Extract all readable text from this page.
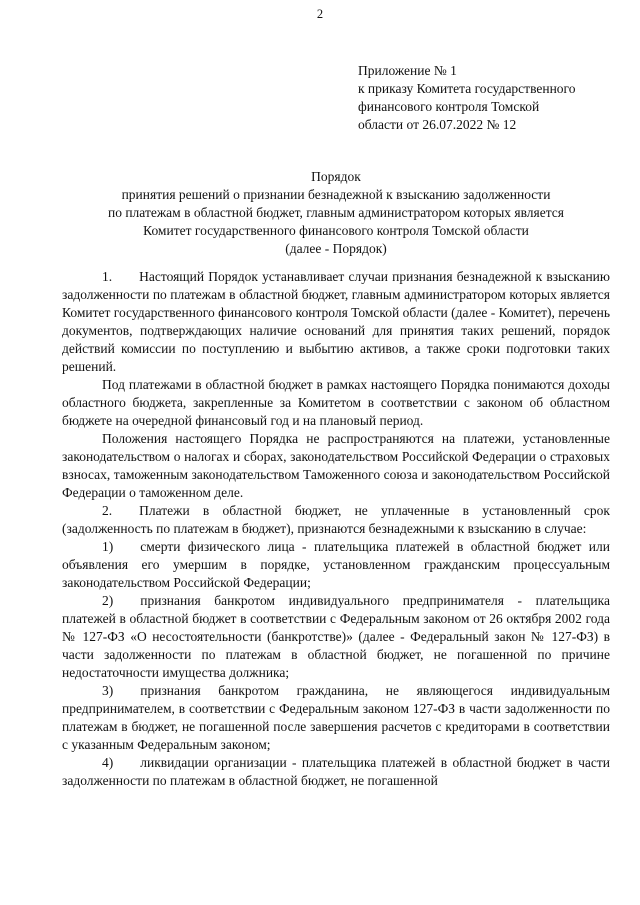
2
Приложение № 1
к приказу Комитета государственного
финансового контроля Томской
области от 26.07.2022 № 12
Порядок
принятия решений о признании безнадежной к взысканию задолженности
по платежам в областной бюджет, главным администратором которых является
Комитет государственного финансового контроля Томской области
(далее - Порядок)

1.  Настоящий Порядок устанавливает случаи признания безнадежной к взысканию задолженности по платежам в областной бюджет, главным администратором которых является Комитет государственного финансового контроля Томской области (далее - Комитет), перечень документов, подтверждающих наличие оснований для принятия таких решений, порядок действий комиссии по поступлению и выбытию активов, а также сроки подготовки таких решений.

Под платежами в областной бюджет в рамках настоящего Порядка понимаются доходы областного бюджета, закрепленные за Комитетом в соответствии с законом об областном бюджете на очередной финансовый год и на плановый период.

Положения настоящего Порядка не распространяются на платежи, установленные законодательством о налогах и сборах, законодательством Российской Федерации о страховых взносах, таможенным законодательством Таможенного союза и законодательством Российской Федерации о таможенном деле.

2.  Платежи в областной бюджет, не уплаченные в установленный срок (задолженность по платежам в бюджет), признаются безнадежными к взысканию в случае:

1)  смерти физического лица - плательщика платежей в областной бюджет или объявления его умершим в порядке, установленном гражданским процессуальным законодательством Российской Федерации;

2)  признания банкротом индивидуального предпринимателя - плательщика платежей в областной бюджет в соответствии с Федеральным законом от 26 октября 2002 года № 127-ФЗ «О несостоятельности (банкротстве)» (далее - Федеральный закон № 127-ФЗ) в части задолженности по платежам в областной бюджет, не погашенной по причине недостаточности имущества должника;

3)  признания банкротом гражданина, не являющегося индивидуальным предпринимателем, в соответствии с Федеральным законом 127-ФЗ в части задолженности по платежам в бюджет, не погашенной после завершения расчетов с кредиторами в соответствии с указанным Федеральным законом;

4)  ликвидации организации - плательщика платежей в областной бюджет в части задолженности по платежам в областной бюджет, не погашенной
